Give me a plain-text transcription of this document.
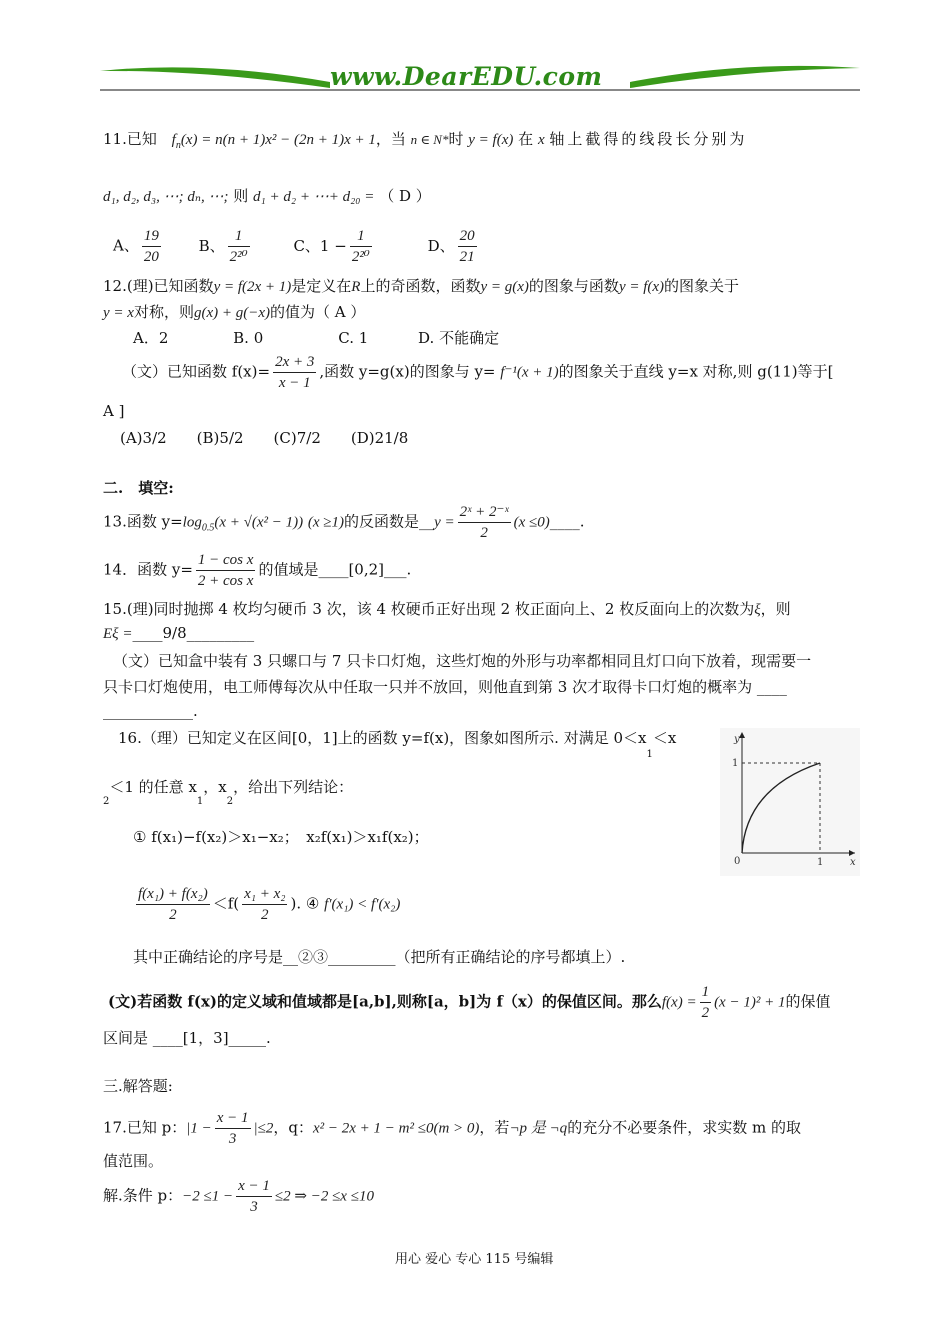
www.DearEDU.com
11.已知 $f_n(x) = n(n + 1)x^2 - (2n + 1)x + 1$，当 n ∈ N*时 y = f(x) 在 x 轴上截得的线段长分别为
d₁, d₂, d₃, ⋯; dₙ, ⋯; 则 d₁ + d₂ + ⋯+ d₂₀ = （ D ）
A、 $\frac{19}{20}$	B、 $\frac{1}{\text{2²⁰}}$	C、$1 - \frac{1}{\text{2²⁰}}$	D、 $\frac{20}{21}$
12.(理)已知函数y = f(2x + 1)是定义在R上的奇函数，函数y = g(x)的图象与函数y = f(x)的图象关于
y = x对称，则g(x) + g(−x)的值为（ A ）
A．2　　　　 B. 0　　　　　C. 1　　　 D. 不能确定
（文）已知函数 $f(x)= \frac{2x + 3}{x - 1}$ ,函数 y=g(x)的图象与 y= f⁻¹(x + 1)的图象关于直线 y=x 对称,则 g(11)等于[
A ]
(A)3/2　　(B)5/2　　(C)7/2　　(D)21/8
二.　填空:
13.函数 $y=\log_{0.5}(x + √(x^2 - 1))$ (x ≥1)的反函数是__y = $\frac{\text{2ˣ + 2⁻ˣ}}{2} (x$ ≤0)____.
14．函数 $y= \frac{\text{1 − cos x}}{\text{2 + cos x}}$ 的值域是____[0,2]___.
15.(理)同时抛掷 4 枚均匀硬币 3 次，该 4 枚硬币正好出现 2 枚正面向上、2 枚反面向上的次数为ξ，则
Eξ =____9/8_________
（文）已知盒中装有 3 只螺口与 7 只卡口灯炮，这些灯炮的外形与功率都相同且灯口向下放着，现需要一
只卡口灯炮使用，电工师傅每次从中任取一只并不放回，则他直到第 3 次才取得卡口灯炮的概率为 ____
____________.
16.（理）已知定义在区间[0，1]上的函数 y=f(x)，图象如图所示. 对满足 $0<x_1<x$
$_2$＜1 的任意 $x_1$，$x_2$，给出下列结论：
① f(x₁)−f(x₂)＞x₁−x₂；　x₂f(x₁)＞x₁f(x₂)；
$\frac{\text{f(x₁) + f(x₂)}}{2} <f( \frac{\text{x₁ + x₂}}{2}$ ). ④ f′(x₁) < f′(x₂)
其中正确结论的序号是__②③_________（把所有正确结论的序号都填上）.
(文)若函数 f(x)的定义域和值域都是[a,b],则称[a，b]为 f（x）的保值区间。那么$f(x) = \frac{1}{2} (x - 1)^2 + 1$的保值
区间是 ____[1，3]_____.
y
x
1
0	1
三.解答题:
17.已知 p：$|1 - \frac{x - 1}{3} |\le 2$，q：x² − 2x + 1 − m² ≤0(m > 0)，若¬p 是 ¬q的充分不必要条件，求实数 m 的取
值范围。
解.条件 p：$-2 \le 1 - \frac{x - 1}{3} \le 2$ ⇒ −2 ≤x ≤10
用心 爱心 专心 115 号编辑
